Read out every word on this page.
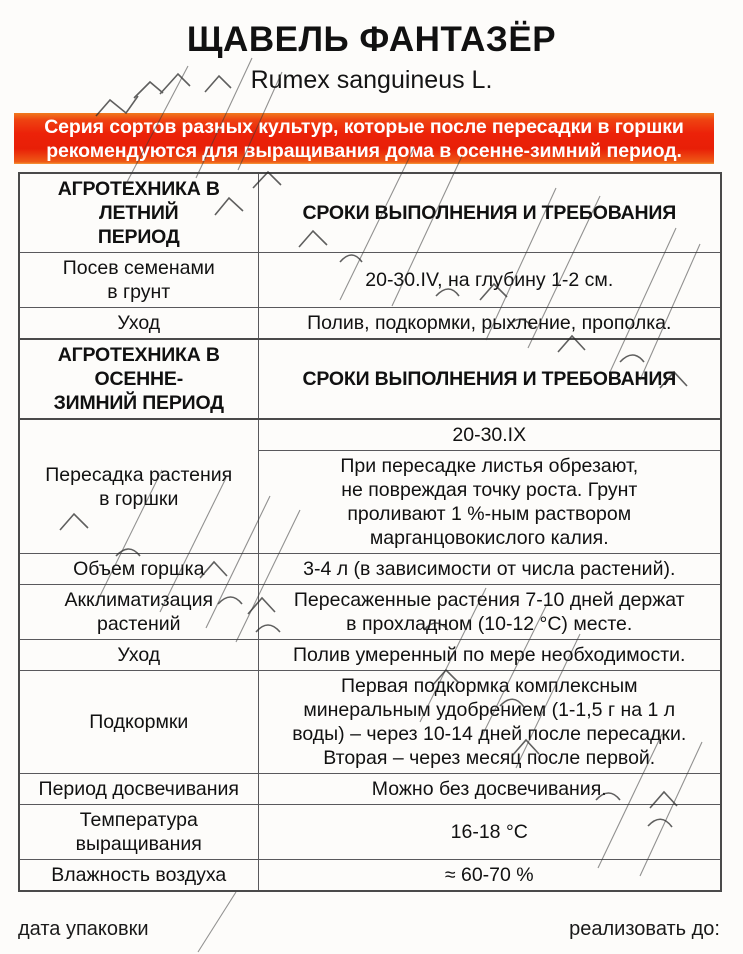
ЩАВЕЛЬ ФАНТАЗЁР
Rumex sanguineus L.
Серия сортов разных культур, которые после пересадки в горшки
рекомендуются для выращивания дома в осенне-зимний период.
АГРОТЕХНИКА В ЛЕТНИЙ
ПЕРИОД	СРОКИ ВЫПОЛНЕНИЯ И ТРЕБОВАНИЯ
Посев семенами
в грунт	20-30.IV, на глубину 1-2 см.
Уход	Полив, подкормки, рыхление, прополка.
АГРОТЕХНИКА В ОСЕННЕ-
ЗИМНИЙ ПЕРИОД	СРОКИ ВЫПОЛНЕНИЯ И ТРЕБОВАНИЯ
Пересадка растения
в горшки	20-30.IX
	При пересадке листья обрезают,
не повреждая точку роста. Грунт
проливают 1 %-ным раствором
марганцовокислого калия.
Объем горшка	3-4 л (в зависимости от числа растений).
Акклиматизация
растений	Пересаженные растения 7-10 дней держат
в прохладном (10-12 °С) месте.
Уход	Полив умеренный по мере необходимости.
Подкормки	Первая подкормка комплексным
минеральным удобрением (1-1,5 г на 1 л
воды) – через 10-14 дней после пересадки.
Вторая – через месяц после первой.
Период досвечивания	Можно без досвечивания.
Температура
выращивания	16-18 °С
Влажность воздуха	≈ 60-70 %
дата упаковки	реализовать до:
